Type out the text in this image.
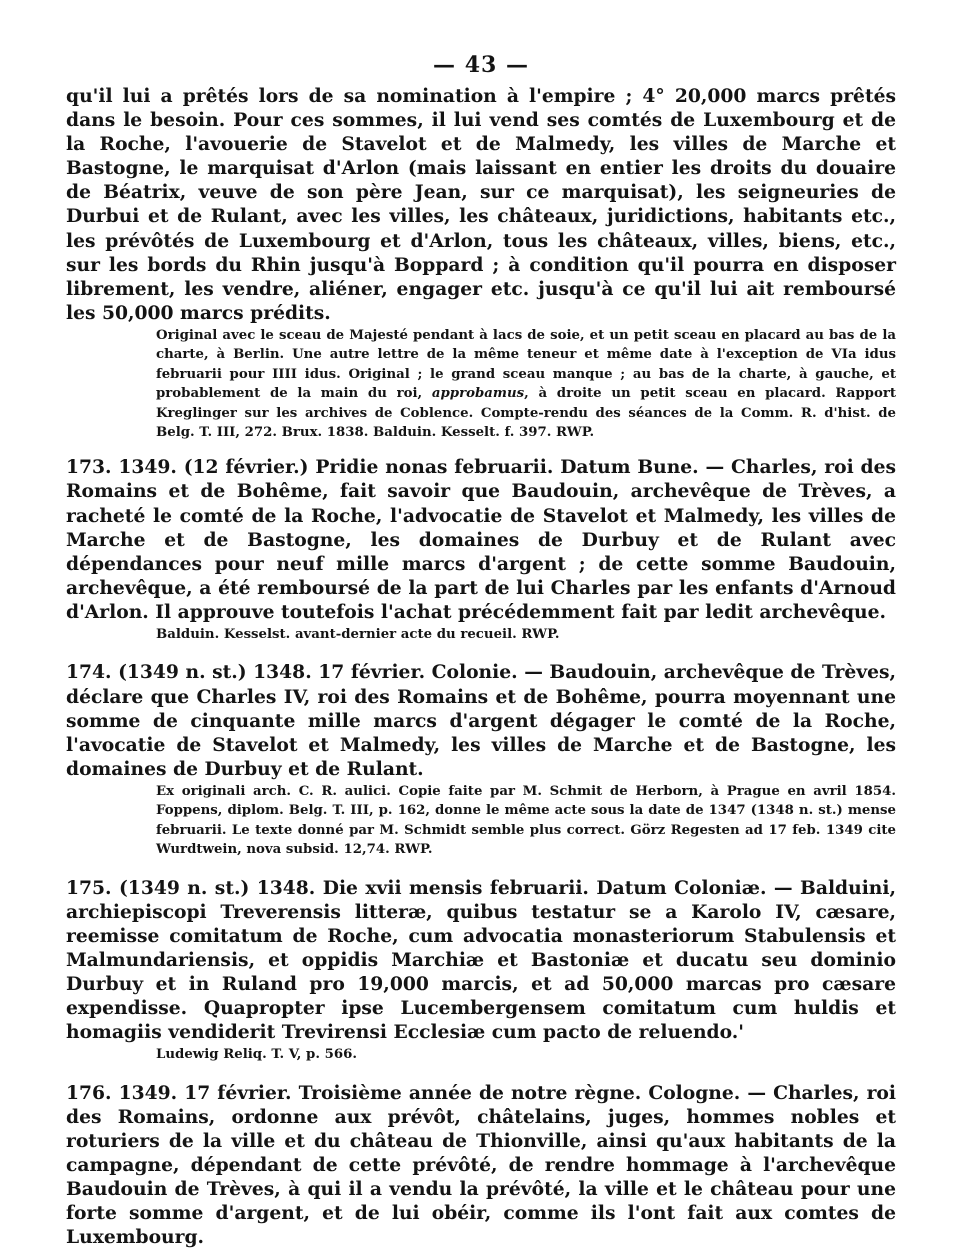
— 43 —

qu'il lui a prêtés lors de sa nomination à l'empire ; 4° 20,000 marcs prêtés dans le besoin. Pour ces sommes, il lui vend ses comtés de Luxembourg et de la Roche, l'avouerie de Stavelot et de Malmedy, les villes de Marche et Bastogne, le marquisat d'Arlon (mais laissant en entier les droits du douaire de Béatrix, veuve de son père Jean, sur ce marquisat), les seigneuries de Durbui et de Rulant, avec les villes, les châteaux, juridictions, habitants etc., les prévôtés de Luxembourg et d'Arlon, tous les châteaux, villes, biens, etc., sur les bords du Rhin jusqu'à Boppard ; à condition qu'il pourra en disposer librement, les vendre, aliéner, engager etc. jusqu'à ce qu'il lui ait remboursé les 50,000 marcs prédits.

Original avec le sceau de Majesté pendant à lacs de soie, et un petit sceau en placard au bas de la charte, à Berlin. Une autre lettre de la même teneur et même date à l'exception de VIa idus februarii pour IIII idus. Original ; le grand sceau manque ; au bas de la charte, à gauche, et probablement de la main du roi, approbamus, à droite un petit sceau en placard. Rapport Kreglinger sur les archives de Coblence. Compte-rendu des séances de la Comm. R. d'hist. de Belg. T. III, 272. Brux. 1838. Balduin. Kesselt. f. 397. RWP.

173. 1349. (12 février.) Pridie nonas februarii. Datum Bune. — Charles, roi des Romains et de Bohême, fait savoir que Baudouin, archevêque de Trèves, a racheté le comté de la Roche, l'advocatie de Stavelot et Malmedy, les villes de Marche et de Bastogne, les domaines de Durbuy et de Rulant avec dépendances pour neuf mille marcs d'argent ; de cette somme Baudouin, archevêque, a été remboursé de la part de lui Charles par les enfants d'Arnoud d'Arlon. Il approuve toutefois l'achat précédemment fait par ledit archevêque.

Balduin. Kesselst. avant-dernier acte du recueil. RWP.

174. (1349 n. st.) 1348. 17 février. Colonie. — Baudouin, archevêque de Trèves, déclare que Charles IV, roi des Romains et de Bohême, pourra moyennant une somme de cinquante mille marcs d'argent dégager le comté de la Roche, l'avocatie de Stavelot et Malmedy, les villes de Marche et de Bastogne, les domaines de Durbuy et de Rulant.

Ex originali arch. C. R. aulici. Copie faite par M. Schmit de Herborn, à Prague en avril 1854. Foppens, diplom. Belg. T. III, p. 162, donne le même acte sous la date de 1347 (1348 n. st.) mense februarii. Le texte donné par M. Schmidt semble plus correct. Görz Regesten ad 17 feb. 1349 cite Wurdtwein, nova subsid. 12,74. RWP.

175. (1349 n. st.) 1348. Die xvii mensis februarii. Datum Coloniæ. — Balduini, archiepiscopi Treverensis litteræ, quibus testatur se a Karolo IV, cæsare, reemisse comitatum de Roche, cum advocatia monasteriorum Stabulensis et Malmundariensis, et oppidis Marchiæ et Bastoniæ et ducatu seu dominio Durbuy et in Ruland pro 19,000 marcis, et ad 50,000 marcas pro cæsare expendisse. Quapropter ipse Lucembergensem comitatum cum huldis et homagiis vendiderit Trevirensi Ecclesiæ cum pacto de reluendo.'

Ludewig Reliq. T. V, p. 566.

176. 1349. 17 février. Troisième année de notre règne. Cologne. — Charles, roi des Romains, ordonne aux prévôt, châtelains, juges, hommes nobles et roturiers de la ville et du château de Thionville, ainsi qu'aux habitants de la campagne, dépendant de cette prévôté, de rendre hommage à l'archevêque Baudouin de Trèves, à qui il a vendu la prévôté, la ville et le château pour une forte somme d'argent, et de lui obéir, comme ils l'ont fait aux comtes de Luxembourg.
